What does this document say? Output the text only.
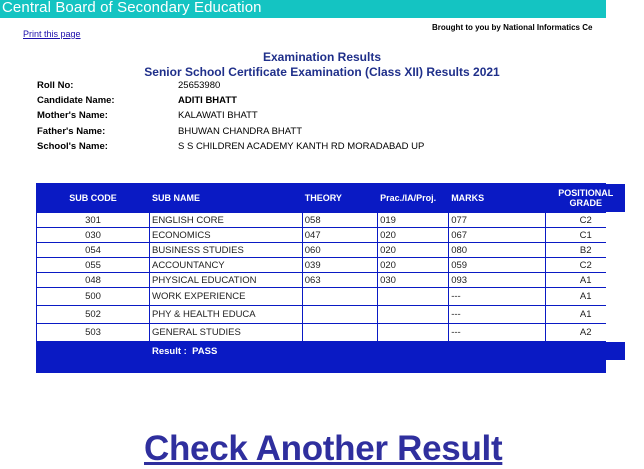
Central Board of Secondary Education
Print this page
Brought to you by National Informatics Ce
Examination Results
Senior School Certificate Examination (Class XII) Results 2021
Roll No:	25653980
Candidate Name:	ADITI BHATT
Mother's Name:	KALAWATI BHATT
Father's Name:	BHUWAN CHANDRA BHATT
School's Name:	S S CHILDREN ACADEMY KANTH RD MORADABAD UP
SUB CODE	SUB NAME	THEORY	Prac./IA/Proj.	MARKS	POSITIONAL GRADE
301	ENGLISH CORE	058	019	077	C2
030	ECONOMICS	047	020	067	C1
054	BUSINESS STUDIES	060	020	080	B2
055	ACCOUNTANCY	039	020	059	C2
048	PHYSICAL EDUCATION	063	030	093	A1
500	WORK EXPERIENCE			---	A1
502	PHY & HEALTH EDUCA			---	A1
503	GENERAL STUDIES			---	A2
	Result : PASS				
Check Another Result
